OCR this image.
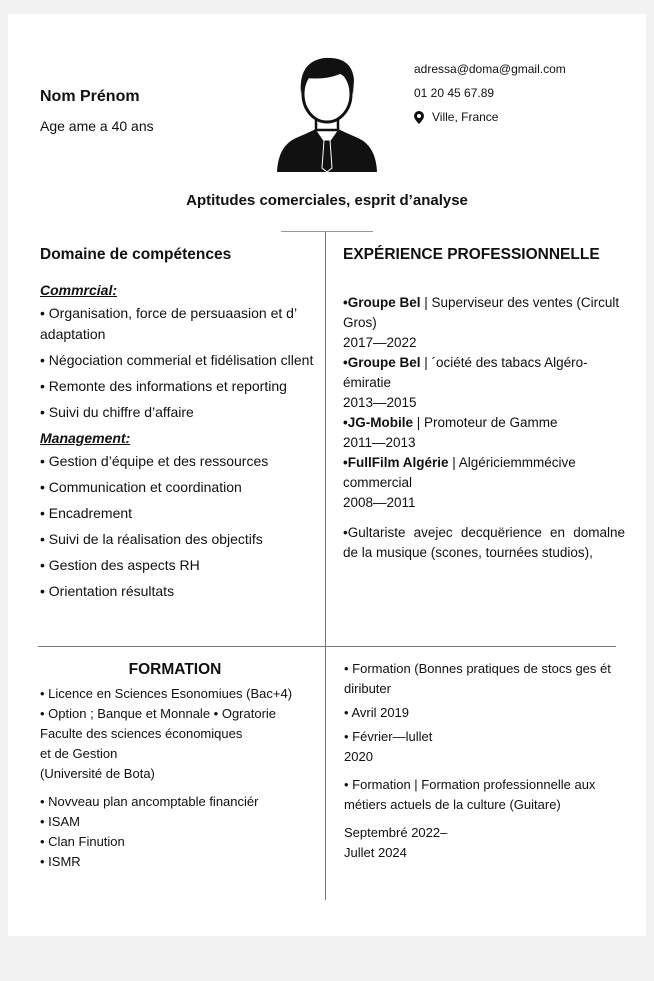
Nom Prénom
Age ame a 40 ans
adressa@doma@gmail.com
01 20 45 67.89
Ville, France
Aptitudes comerciales, esprit d’analyse
Domaine de compétences	EXPÉRIENCE PROFESSIONNELLE

Commrcial:

• Organisation, force de persuaasion et d’ adaptation

• Négociation commerial et fidélisation cllent

• Remonte des informations et reporting

• Suivi du chiffre d’affaire

Management:

• Gestion d’équipe et des ressources

• Communication et coordination

• Encadrement

• Suivi de la réalisation des objectifs

• Gestion des aspects RH

• Orientation résultats

•Groupe Bel | Superviseur des ventes (Circult Gros)

2017—2022

•Groupe Bel | ´ociété des tabacs Algéro-émiratie

2013—2015

•JG-Mobile | Promoteur de Gamme

2011—2013

•FullFilm Algérie | Algériciemmmécive commercial

2008—2011

•Gultariste avejec decquërience en domalne de la musique (scones, tournées studios),

FORMATION

• Licence en Sciences Esonomiues (Bac+4)

• Option ; Banque et Monnale • Ogratorie

Faculte des sciences économiques

et de Gestion

(Université de Bota)

• Novveau plan ancomptable financiér

• ISAM

• Clan Finution

• ISMR

• Formation (Bonnes pratiques de stocs ges ét diributer

• Avril 2019

• Février—lullet

2020

• Formation | Formation professionnelle aux métiers actuels de la culture (Guitare)

Septembré 2022–

Jullet 2024
